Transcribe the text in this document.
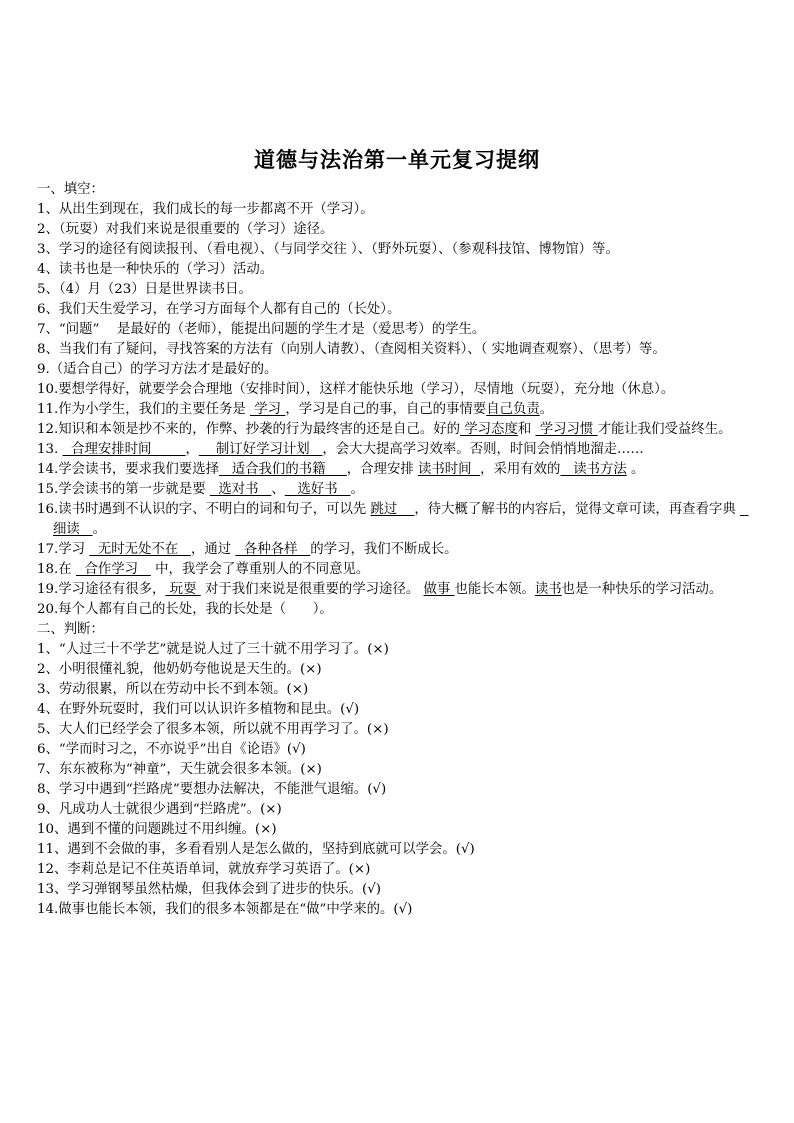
道德与法治第一单元复习提纲
一、填空：
1、从出生到现在，我们成长的每一步都离不开（学习）。
2、（玩耍）对我们来说是很重要的（学习）途径。
3、学习的途径有阅读报刊、（看电视）、（与同学交往 ）、（野外玩耍）、（参观科技馆、博物馆）等。
4、读书也是一种快乐的（学习）活动。
5、（4）月（23）日是世界读书日。
6、我们天生爱学习，在学习方面每个人都有自己的（长处）。
7、“问题”　 是最好的（老师），能提出问题的学生才是（爱思考）的学生。
8、当我们有了疑问，寻找答案的方法有（向别人请教）、（查阅相关资料）、（ 实地调查观察）、（思考）等。
9.（适合自己）的学习方法才是最好的。
10.要想学得好，就要学会合理地（安排时间），这样才能快乐地（学习），尽情地（玩耍），充分地（休息）。
11.作为小学生，我们的主要任务是  学习 ，学习是自己的事，自己的事情要自己负责。
12.知识和本领是抄不来的，作弊、抄袭的行为最终害的还是自己。好的 学习态度和  学习习惯 才能让我们受益终生。
13.   合理安排时间        ，    制订好学习计划   ，会大大提高学习效率。否则，时间会悄悄地溜走……
14.学会读书，要求我们要选择   适合我们的书籍     ，合理安排 读书时间  ，采用有效的   读书方法 。
15.学会读书的第一步就是要   选对书   、   选好书   。
16.读书时遇到不认识的字、不明白的词和句子，可以先 跳过    ，待大概了解书的内容后，觉得文章可读，再查看字典   细读   。
17.学习   无时无处不在   ，通过   各种各样   的学习，我们不断成长。
18.在   合作学习    中，我学会了尊重别人的不同意见。
19.学习途径有很多， 玩耍  对于我们来说是很重要的学习途径。 做事 也能长本领。读书也是一种快乐的学习活动。
20.每个人都有自己的长处，我的长处是（　　）。
二、判断：
1、“人过三十不学艺”就是说人过了三十就不用学习了。(×)
2、小明很懂礼貌，他奶奶夸他说是天生的。(×)
3、劳动很累，所以在劳动中长不到本领。(×)
4、在野外玩耍时，我们可以认识许多植物和昆虫。(√)
5、大人们已经学会了很多本领，所以就不用再学习了。(×)
6、“学而时习之，不亦说乎”出自《论语》(√)
7、东东被称为“神童”，天生就会很多本领。(×)
8、学习中遇到“拦路虎”要想办法解决，不能泄气退缩。(√)
9、凡成功人士就很少遇到“拦路虎”。(×)
10、遇到不懂的问题跳过不用纠缠。(×)
11、遇到不会做的事，多看看别人是怎么做的，坚持到底就可以学会。(√)
12、李莉总是记不住英语单词，就放弃学习英语了。(×)
13、学习弹钢琴虽然枯燥，但我体会到了进步的快乐。(√)
14.做事也能长本领，我们的很多本领都是在“做”中学来的。(√)
